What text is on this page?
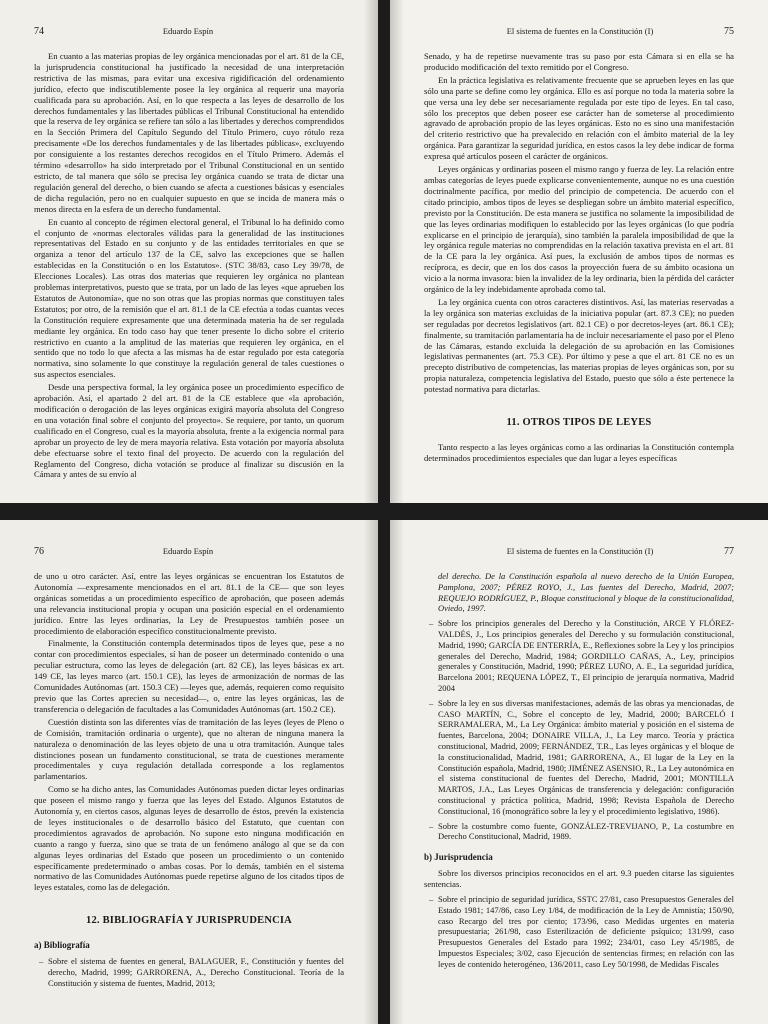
74	Eduardo Espín

En cuanto a las materias propias de ley orgánica mencionadas por el art. 81 de la CE, la jurisprudencia constitucional ha justificado la necesidad de una interpretación restrictiva de las mismas, para evitar una excesiva rigidificación del ordenamiento jurídico, efecto que indiscutiblemente posee la ley orgánica al requerir una mayoría cualificada para su aprobación. Así, en lo que respecta a las leyes de desarrollo de los derechos fundamentales y las libertades públicas el Tribunal Constitucional ha entendido que la reserva de ley orgánica se refiere tan sólo a las libertades y derechos comprendidos en la Sección Primera del Capítulo Segundo del Título Primero, cuyo rótulo reza precisamente «De los derechos fundamentales y de las libertades públicas», excluyendo por consiguiente a los restantes derechos recogidos en el Título Primero. Además el término «desarrollo» ha sido interpretado por el Tribunal Constitucional en un sentido estricto, de tal manera que sólo se precisa ley orgánica cuando se trata de dictar una regulación general del derecho, o bien cuando se afecta a cuestiones básicas y esenciales de dicha regulación, pero no en cualquier supuesto en que se incida de manera más o menos directa en la esfera de un derecho fundamental.

En cuanto al concepto de régimen electoral general, el Tribunal lo ha definido como el conjunto de «normas electorales válidas para la generalidad de las instituciones representativas del Estado en su conjunto y de las entidades territoriales en que se organiza a tenor del artículo 137 de la CE, salvo las excepciones que se hallen establecidas en la Constitución o en los Estatutos». (STC 38/83, caso Ley 39/78, de Elecciones Locales). Las otras dos materias que requieren ley orgánica no plantean problemas interpretativos, puesto que se trata, por un lado de las leyes «que aprueben los Estatutos de Autonomía», que no son otras que las propias normas que constituyen tales Estatutos; por otro, de la remisión que el art. 81.1 de la CE efectúa a todas cuantas veces la Constitución requiere expresamente que una determinada materia ha de ser regulada mediante ley orgánica. En todo caso hay que tener presente lo dicho sobre el criterio restrictivo en cuanto a la amplitud de las materias que requieren ley orgánica, en el sentido que no todo lo que afecta a las mismas ha de estar regulado por esta categoría normativa, sino solamente lo que constituye la regulación general de tales cuestiones o sus aspectos esenciales.

Desde una perspectiva formal, la ley orgánica posee un procedimiento específico de aprobación. Así, el apartado 2 del art. 81 de la CE establece que «la aprobación, modificación o derogación de las leyes orgánicas exigirá mayoría absoluta del Congreso en una votación final sobre el conjunto del proyecto». Se requiere, por tanto, un quorum cualificado en el Congreso, cual es la mayoría absoluta, frente a la exigencia normal para aprobar un proyecto de ley de mera mayoría relativa. Esta votación por mayoría absoluta debe efectuarse sobre el texto final del proyecto. De acuerdo con la regulación del Reglamento del Congreso, dicha votación se produce al finalizar su discusión en la Cámara y antes de su envío al

El sistema de fuentes en la Constitución (I)	75

Senado, y ha de repetirse nuevamente tras su paso por esta Cámara si en ella se ha producido modificación del texto remitido por el Congreso.

En la práctica legislativa es relativamente frecuente que se aprueben leyes en las que sólo una parte se define como ley orgánica. Ello es así porque no toda la materia sobre la que versa una ley debe ser necesariamente regulada por este tipo de leyes. En tal caso, sólo los preceptos que deben poseer ese carácter han de someterse al procedimiento agravado de aprobación propio de las leyes orgánicas. Esto no es sino una manifestación del criterio restrictivo que ha prevalecido en relación con el ámbito material de la ley orgánica. Para garantizar la seguridad jurídica, en estos casos la ley debe indicar de forma expresa qué artículos poseen el carácter de orgánicos.

Leyes orgánicas y ordinarias poseen el mismo rango y fuerza de ley. La relación entre ambas categorías de leyes puede explicarse convenientemente, aunque no es una cuestión doctrinalmente pacífica, por medio del principio de competencia. De acuerdo con el citado principio, ambos tipos de leyes se despliegan sobre un ámbito material específico, previsto por la Constitución. De esta manera se justifica no solamente la imposibilidad de que las leyes ordinarias modifiquen lo establecido por las leyes orgánicas (lo que podría explicarse en el principio de jerarquía), sino también la paralela imposibilidad de que la ley orgánica regule materias no comprendidas en la relación taxativa prevista en el art. 81 de la CE para la ley orgánica. Así pues, la exclusión de ambos tipos de normas es recíproca, es decir, que en los dos casos la proyección fuera de su ámbito ocasiona un vicio a la norma invasora: bien la invalidez de la ley ordinaria, bien la pérdida del carácter orgánico de la ley indebidamente aprobada como tal.

La ley orgánica cuenta con otros caracteres distintivos. Así, las materias reservadas a la ley orgánica son materias excluidas de la iniciativa popular (art. 87.3 CE); no pueden ser reguladas por decretos legislativos (art. 82.1 CE) o por decretos-leyes (art. 86.1 CE); finalmente, su tramitación parlamentaria ha de incluir necesariamente el paso por el Pleno de las Cámaras, estando excluida la delegación de su aprobación en las Comisiones legislativas permanentes (art. 75.3 CE). Por último y pese a que el art. 81 CE no es un precepto distributivo de competencias, las materias propias de leyes orgánicas son, por su propia naturaleza, competencia legislativa del Estado, puesto que sólo a éste pertenece la potestad normativa para dictarlas.

11. OTROS TIPOS DE LEYES

Tanto respecto a las leyes orgánicas como a las ordinarias la Constitución contempla determinados procedimientos especiales que dan lugar a leyes específicas

76	Eduardo Espín

de uno u otro carácter. Así, entre las leyes orgánicas se encuentran los Estatutos de Autonomía —expresamente mencionados en el art. 81.1 de la CE— que son leyes orgánicas sometidas a un procedimiento específico de aprobación, que poseen además una relevancia institucional propia y ocupan una posición especial en el ordenamiento jurídico. Entre las leyes ordinarias, la Ley de Presupuestos también posee un procedimiento de elaboración específico constitucionalmente previsto.

Finalmente, la Constitución contempla determinados tipos de leyes que, pese a no contar con procedimientos especiales, sí han de poseer un determinado contenido o una peculiar estructura, como las leyes de delegación (art. 82 CE), las leyes básicas ex art. 149 CE, las leyes marco (art. 150.1 CE), las leyes de armonización de normas de las Comunidades Autónomas (art. 150.3 CE) —leyes que, además, requieren como requisito previo que las Cortes aprecien su necesidad—, o, entre las leyes orgánicas, las de transferencia o delegación de facultades a las Comunidades Autónomas (art. 150.2 CE).

Cuestión distinta son las diferentes vías de tramitación de las leyes (leyes de Pleno o de Comisión, tramitación ordinaria o urgente), que no alteran de ninguna manera la naturaleza o denominación de las leyes objeto de una u otra tramitación. Aunque tales distinciones posean un fundamento constitucional, se trata de cuestiones meramente procedimentales y cuya regulación detallada corresponde a los reglamentos parlamentarios.

Como se ha dicho antes, las Comunidades Autónomas pueden dictar leyes ordinarias que poseen el mismo rango y fuerza que las leyes del Estado. Algunos Estatutos de Autonomía y, en ciertos casos, algunas leyes de desarrollo de éstos, prevén la existencia de leyes institucionales o de desarrollo básico del Estatuto, que cuentan con procedimientos agravados de aprobación. No supone esto ninguna modificación en cuanto a rango y fuerza, sino que se trata de un fenómeno análogo al que se da con algunas leyes ordinarias del Estado que poseen un procedimiento o un contenido específicamente predeterminado o ambas cosas. Por lo demás, también en el sistema normativo de las Comunidades Autónomas puede repetirse alguno de los citados tipos de leyes estatales, como las de delegación.

12. BIBLIOGRAFÍA Y JURISPRUDENCIA
a) Bibliografía
– Sobre el sistema de fuentes en general, BALAGUER, F., Constitución y fuentes del derecho, Madrid, 1999; GARRORENA, A., Derecho Constitucional. Teoría de la Constitución y sistema de fuentes, Madrid, 2013;
El sistema de fuentes en la Constitución (I)	77

del derecho. De la Constitución española al nuevo derecho de la Unión Europea, Pamplona, 2007; PÉREZ ROYO, J., Las fuentes del Derecho, Madrid, 2007; REQUEJO RODRÍGUEZ, P., Bloque constitucional y bloque de la constitucionalidad, Oviedo, 1997.

– Sobre los principios generales del Derecho y la Constitución, ARCE Y FLÓREZ-VALDÉS, J., Los principios generales del Derecho y su formulación constitucional, Madrid, 1990; GARCÍA DE ENTERRÍA, E., Reflexiones sobre la Ley y los principios generales del Derecho, Madrid, 1984; GORDILLO CAÑAS, A., Ley, principios generales y Constitución, Madrid, 1990; PÉREZ LUÑO, A. E., La seguridad jurídica, Barcelona 2001; REQUENA LÓPEZ, T., El principio de jerarquía normativa, Madrid 2004
– Sobre la ley en sus diversas manifestaciones, además de las obras ya mencionadas, de CASO MARTÍN, C., Sobre el concepto de ley, Madrid, 2000; BARCELÓ I SERRAMALERA, M., La Ley Orgánica: ámbito material y posición en el sistema de fuentes, Barcelona, 2004; DONAIRE VILLA, J., La Ley marco. Teoría y práctica constitucional, Madrid, 2009; FERNÁNDEZ, T.R., Las leyes orgánicas y el bloque de la constitucionalidad, Madrid, 1981; GARRORENA, A., El lugar de la Ley en la Constitución española, Madrid, 1980; JIMÉNEZ ASENSIO, R., La Ley autonómica en el sistema constitucional de fuentes del Derecho, Madrid, 2001; MONTILLA MARTOS, J.A., Las Leyes Orgánicas de transferencia y delegación: configuración constitucional y práctica política, Madrid, 1998; Revista Española de Derecho Constitucional, 16 (monográfico sobre la ley y el procedimiento legislativo, 1986).
– Sobre la costumbre como fuente, GONZÁLEZ-TREVIJANO, P., La costumbre en Derecho Constitucional, Madrid, 1989.
b) Jurisprudencia

Sobre los diversos principios reconocidos en el art. 9.3 pueden citarse las siguientes sentencias.

– Sobre el principio de seguridad jurídica, SSTC 27/81, caso Presupuestos Generales del Estado 1981; 147/86, caso Ley 1/84, de modificación de la Ley de Amnistía; 150/90, caso Recargo del tres por ciento; 173/96, caso Medidas urgentes en materia presupuestaria; 261/98, caso Esterilización de deficiente psíquico; 131/99, caso Presupuestos Generales del Estado para 1992; 234/01, caso Ley 45/1985, de Impuestos Especiales; 3/02, caso Ejecución de sentencias firmes; en relación con las leyes de contenido heterogéneo, 136/2011, caso Ley 50/1998, de Medidas Fiscales
